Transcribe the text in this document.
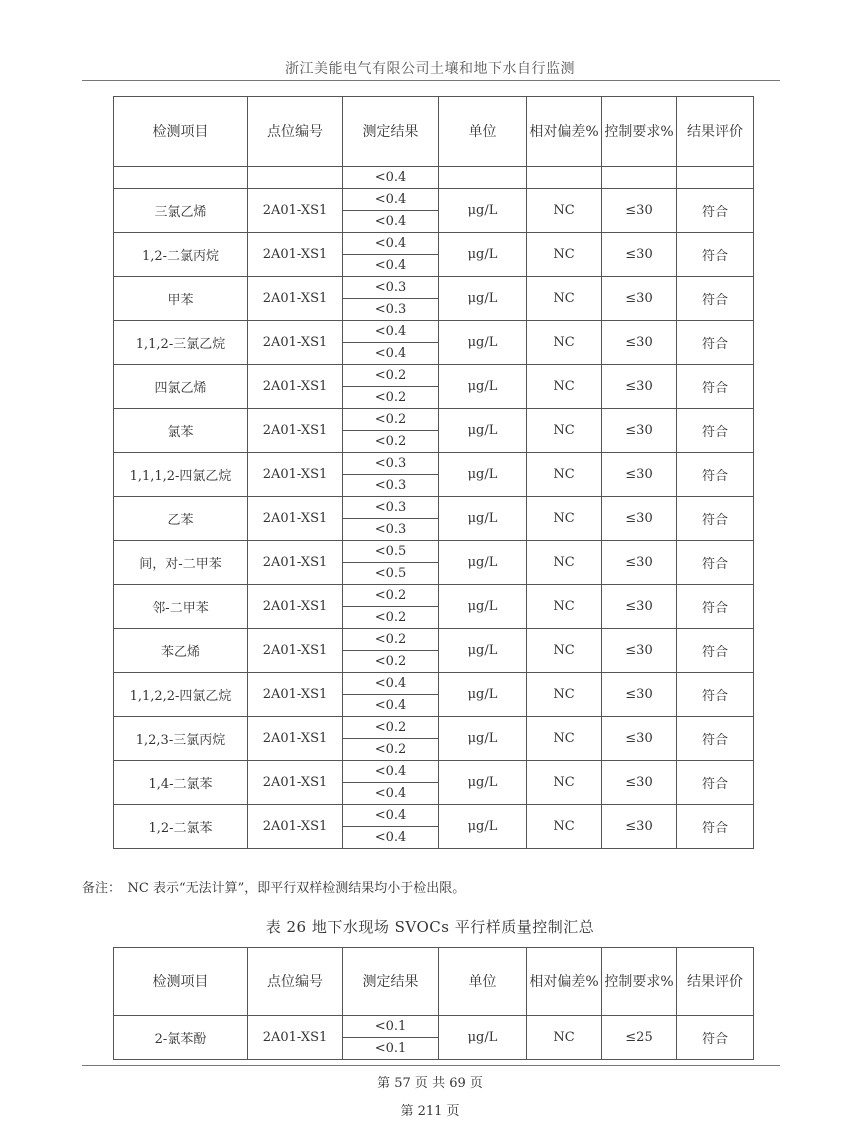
浙江美能电气有限公司土壤和地下水自行监测
检测项目	点位编号	测定结果	单位	相对偏差%	控制要求%	结果评价
		<0.4				
三氯乙烯	2A01-XS1	<0.4	μg/L	NC	≤30	符合
		<0.4				
1,2-二氯丙烷	2A01-XS1	<0.4	μg/L	NC	≤30	符合
		<0.4				
甲苯	2A01-XS1	<0.3	μg/L	NC	≤30	符合
		<0.3				
1,1,2-三氯乙烷	2A01-XS1	<0.4	μg/L	NC	≤30	符合
		<0.4				
四氯乙烯	2A01-XS1	<0.2	μg/L	NC	≤30	符合
		<0.2				
氯苯	2A01-XS1	<0.2	μg/L	NC	≤30	符合
		<0.2				
1,1,1,2-四氯乙烷	2A01-XS1	<0.3	μg/L	NC	≤30	符合
		<0.3				
乙苯	2A01-XS1	<0.3	μg/L	NC	≤30	符合
		<0.3				
间，对-二甲苯	2A01-XS1	<0.5	μg/L	NC	≤30	符合
		<0.5				
邻-二甲苯	2A01-XS1	<0.2	μg/L	NC	≤30	符合
		<0.2				
苯乙烯	2A01-XS1	<0.2	μg/L	NC	≤30	符合
		<0.2				
1,1,2,2-四氯乙烷	2A01-XS1	<0.4	μg/L	NC	≤30	符合
		<0.4				
1,2,3-三氯丙烷	2A01-XS1	<0.2	μg/L	NC	≤30	符合
		<0.2				
1,4-二氯苯	2A01-XS1	<0.4	μg/L	NC	≤30	符合
		<0.4				
1,2-二氯苯	2A01-XS1	<0.4	μg/L	NC	≤30	符合
		<0.4				
备注：　NC 表示“无法计算”，即平行双样检测结果均小于检出限。
表 26 地下水现场 SVOCs 平行样质量控制汇总
检测项目	点位编号	测定结果	单位	相对偏差%	控制要求%	结果评价
2-氯苯酚	2A01-XS1	<0.1	μg/L	NC	≤25	符合
		<0.1				
第 57 页 共 69 页
第 211 页
